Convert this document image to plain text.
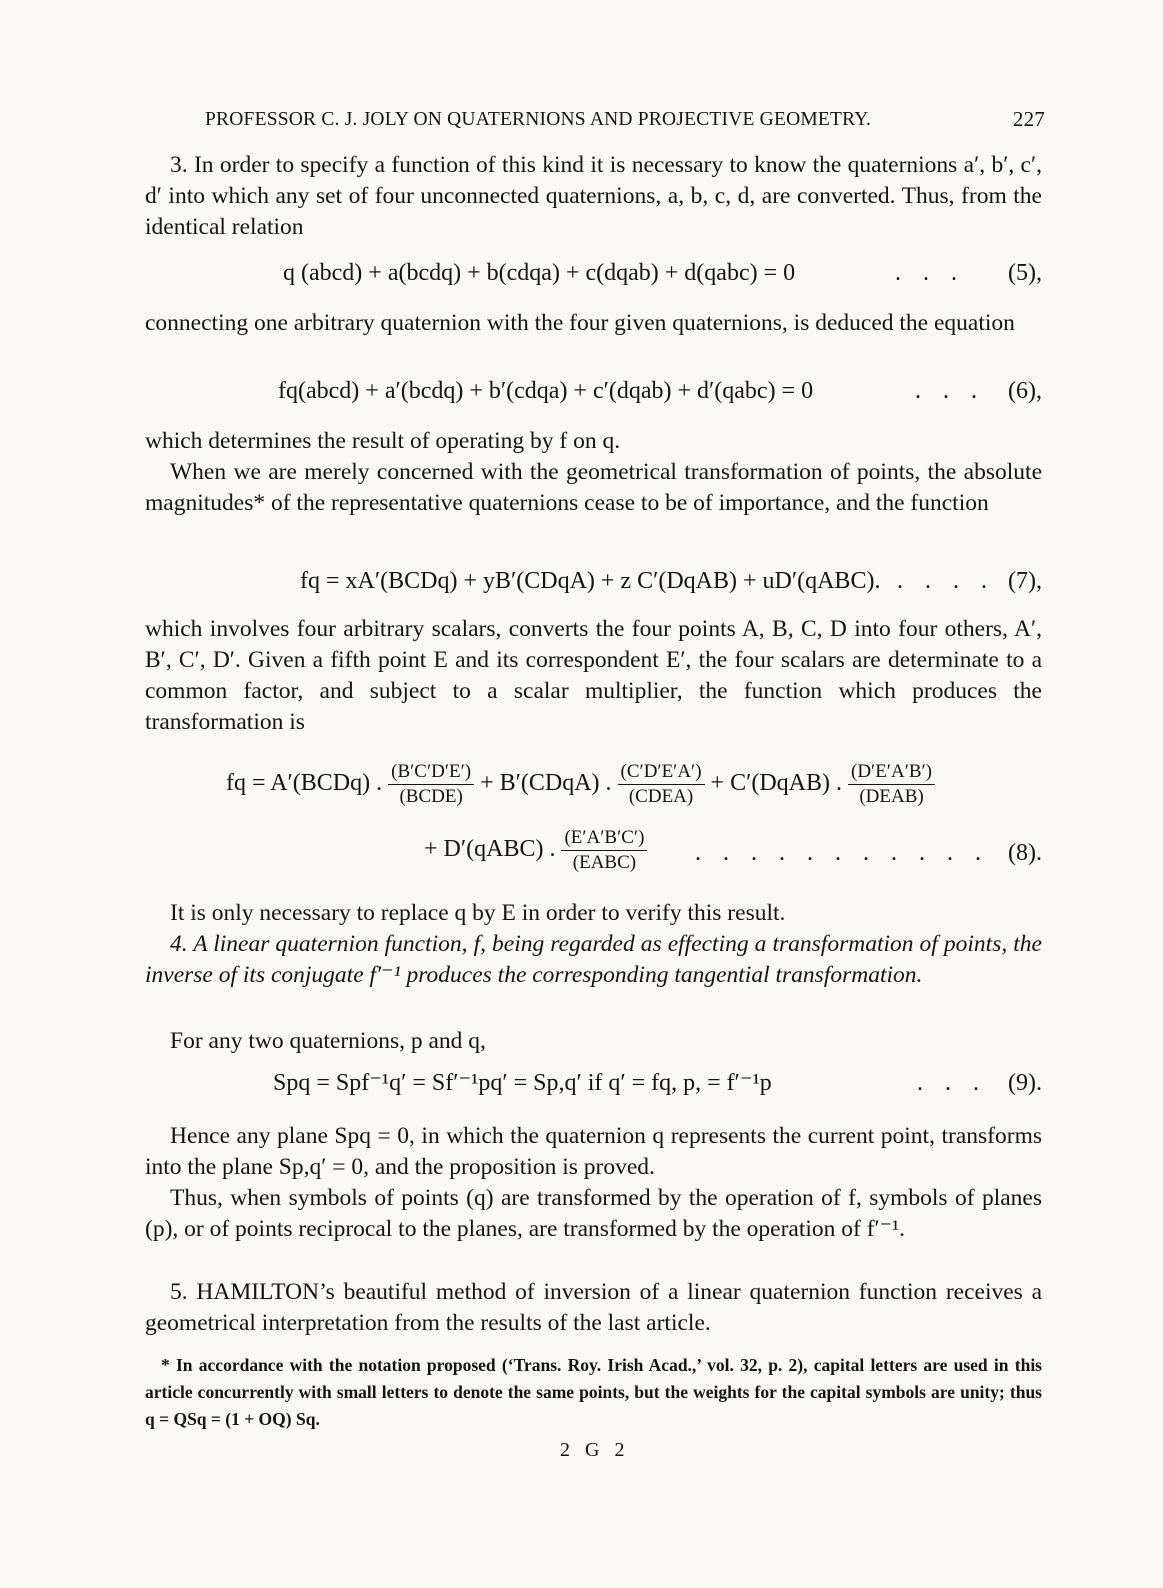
PROFESSOR C. J. JOLY ON QUATERNIONS AND PROJECTIVE GEOMETRY.	227

3. In order to specify a function of this kind it is necessary to know the quaternions a′, b′, c′, d′ into which any set of four unconnected quaternions, a, b, c, d, are converted. Thus, from the identical relation

q (abcd) + a(bcdq) + b(cdqa) + c(dqab) + d(qabc) = 0	. . . (5),

connecting one arbitrary quaternion with the four given quaternions, is deduced the equation

fq(abcd) + a′(bcdq) + b′(cdqa) + c′(dqab) + d′(qabc) = 0	. . . (6),

which determines the result of operating by f on q.

When we are merely concerned with the geometrical transformation of points, the absolute magnitudes* of the representative quaternions cease to be of importance, and the function

fq = xA′(BCDq) + yB′(CDqA) + z C′(DqAB) + uD′(qABC). . . . . (7),

which involves four arbitrary scalars, converts the four points A, B, C, D into four others, A′, B′, C′, D′. Given a fifth point E and its correspondent E′, the four scalars are determinate to a common factor, and subject to a scalar multiplier, the function which produces the transformation is

fq = A′(BCDq) . $\frac{(B'C'D'E')}{\text{(BCDE)}}$ + B′(CDqA) . $\frac{(C'D'E'A')}{\text{(CDEA)}}$ + C′(DqAB) . $\frac{(D'E'A'B')}{\text{(DEAB)}}$
+ D′(qABC) . $\frac{(E'A'B'C')}{\text{(EABC)}}$ . . . . . . . . . . . (8).

It is only necessary to replace q by E in order to verify this result.

4. A linear quaternion function, f, being regarded as effecting a transformation of points, the inverse of its conjugate f′⁻¹ produces the corresponding tangential transformation.

For any two quaternions, p and q,

Spq = Spf⁻¹q′ = Sf′⁻¹pq′ = Sp,q′ if q′ = fq, p, = f′⁻¹p	. . . (9).

Hence any plane Spq = 0, in which the quaternion q represents the current point, transforms into the plane Sp,q′ = 0, and the proposition is proved.

Thus, when symbols of points (q) are transformed by the operation of f, symbols of planes (p), or of points reciprocal to the planes, are transformed by the operation of f′⁻¹.

5. HAMILTON’s beautiful method of inversion of a linear quaternion function receives a geometrical interpretation from the results of the last article.

* In accordance with the notation proposed (‘Trans. Roy. Irish Acad.,’ vol. 32, p. 2), capital letters are used in this article concurrently with small letters to denote the same points, but the weights for the capital symbols are unity; thus q = QSq = (1 + OQ) Sq.

2 G 2
